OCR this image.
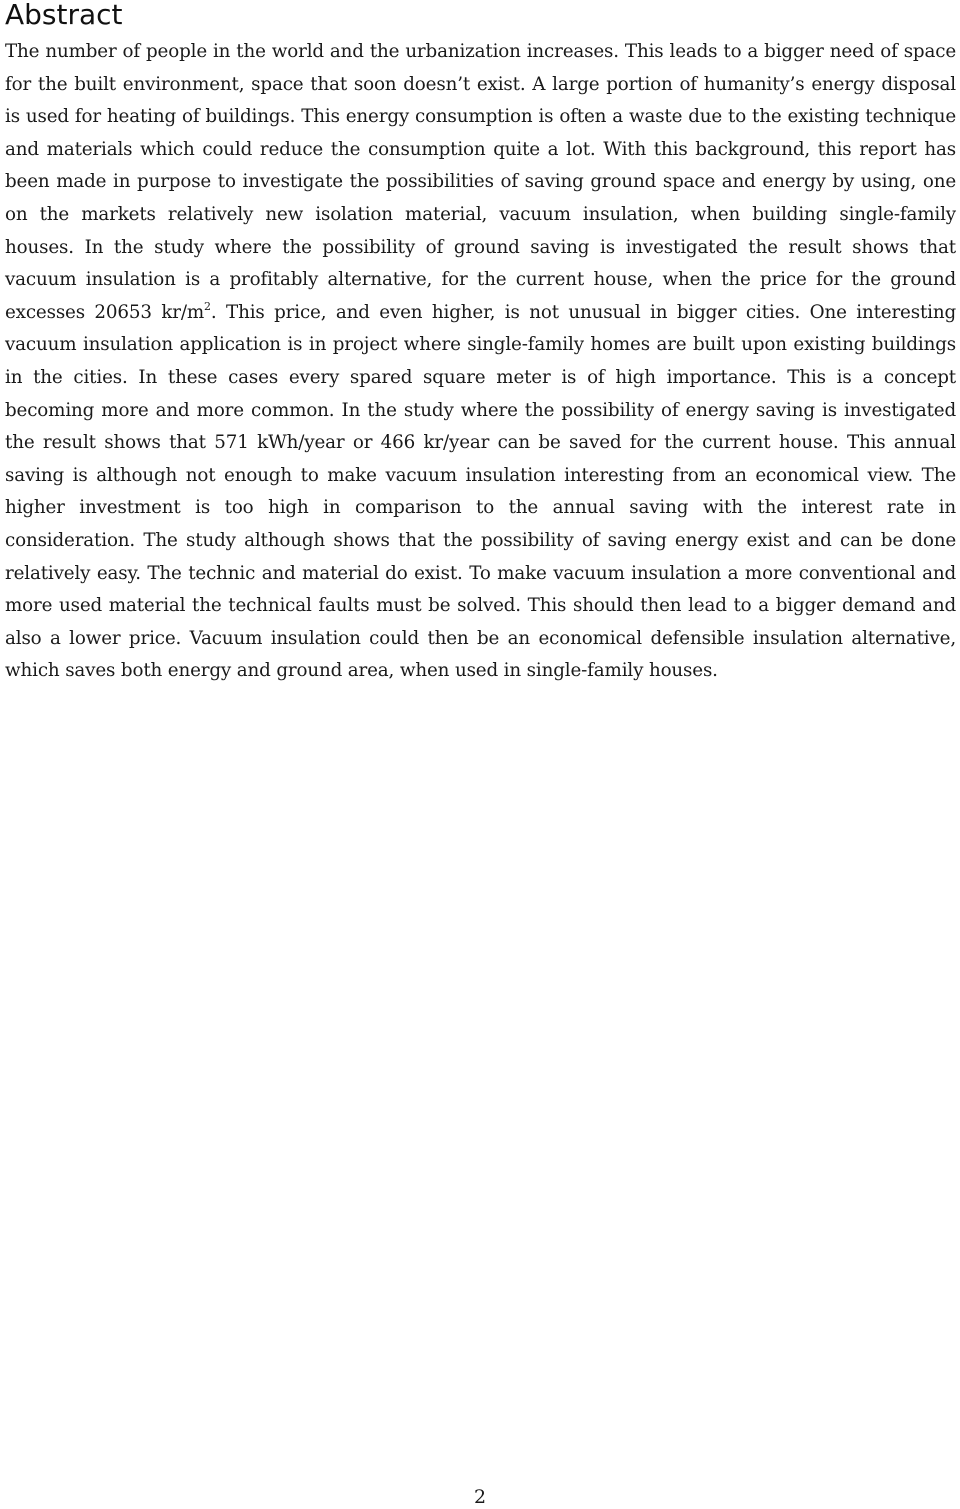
Abstract

The number of people in the world and the urbanization increases. This leads to a bigger need of space for the built environment, space that soon doesn’t exist. A large portion of humanity’s energy disposal is used for heating of buildings. This energy consumption is often a waste due to the existing technique and materials which could reduce the consumption quite a lot. With this background, this report has been made in purpose to investigate the possibilities of saving ground space and energy by using, one on the markets relatively new isolation material, vacuum insulation, when building single-family houses. In the study where the possibility of ground saving is investigated the result shows that vacuum insulation is a profitably alternative, for the current house, when the price for the ground excesses 20653 $kr/m^2$. This price, and even higher, is not unusual in bigger cities. One interesting vacuum insulation application is in project where single-family homes are built upon existing buildings in the cities. In these cases every spared square meter is of high importance. This is a concept becoming more and more common. In the study where the possibility of energy saving is investigated the result shows that 571 kWh/year or 466 kr/year can be saved for the current house. This annual saving is although not enough to make vacuum insulation interesting from an economical view. The higher investment is too high in comparison to the annual saving with the interest rate in consideration. The study although shows that the possibility of saving energy exist and can be done relatively easy. The technic and material do exist. To make vacuum insulation a more conventional and more used material the technical faults must be solved. This should then lead to a bigger demand and also a lower price. Vacuum insulation could then be an economical defensible insulation alternative, which saves both energy and ground area, when used in single-family houses.

2
